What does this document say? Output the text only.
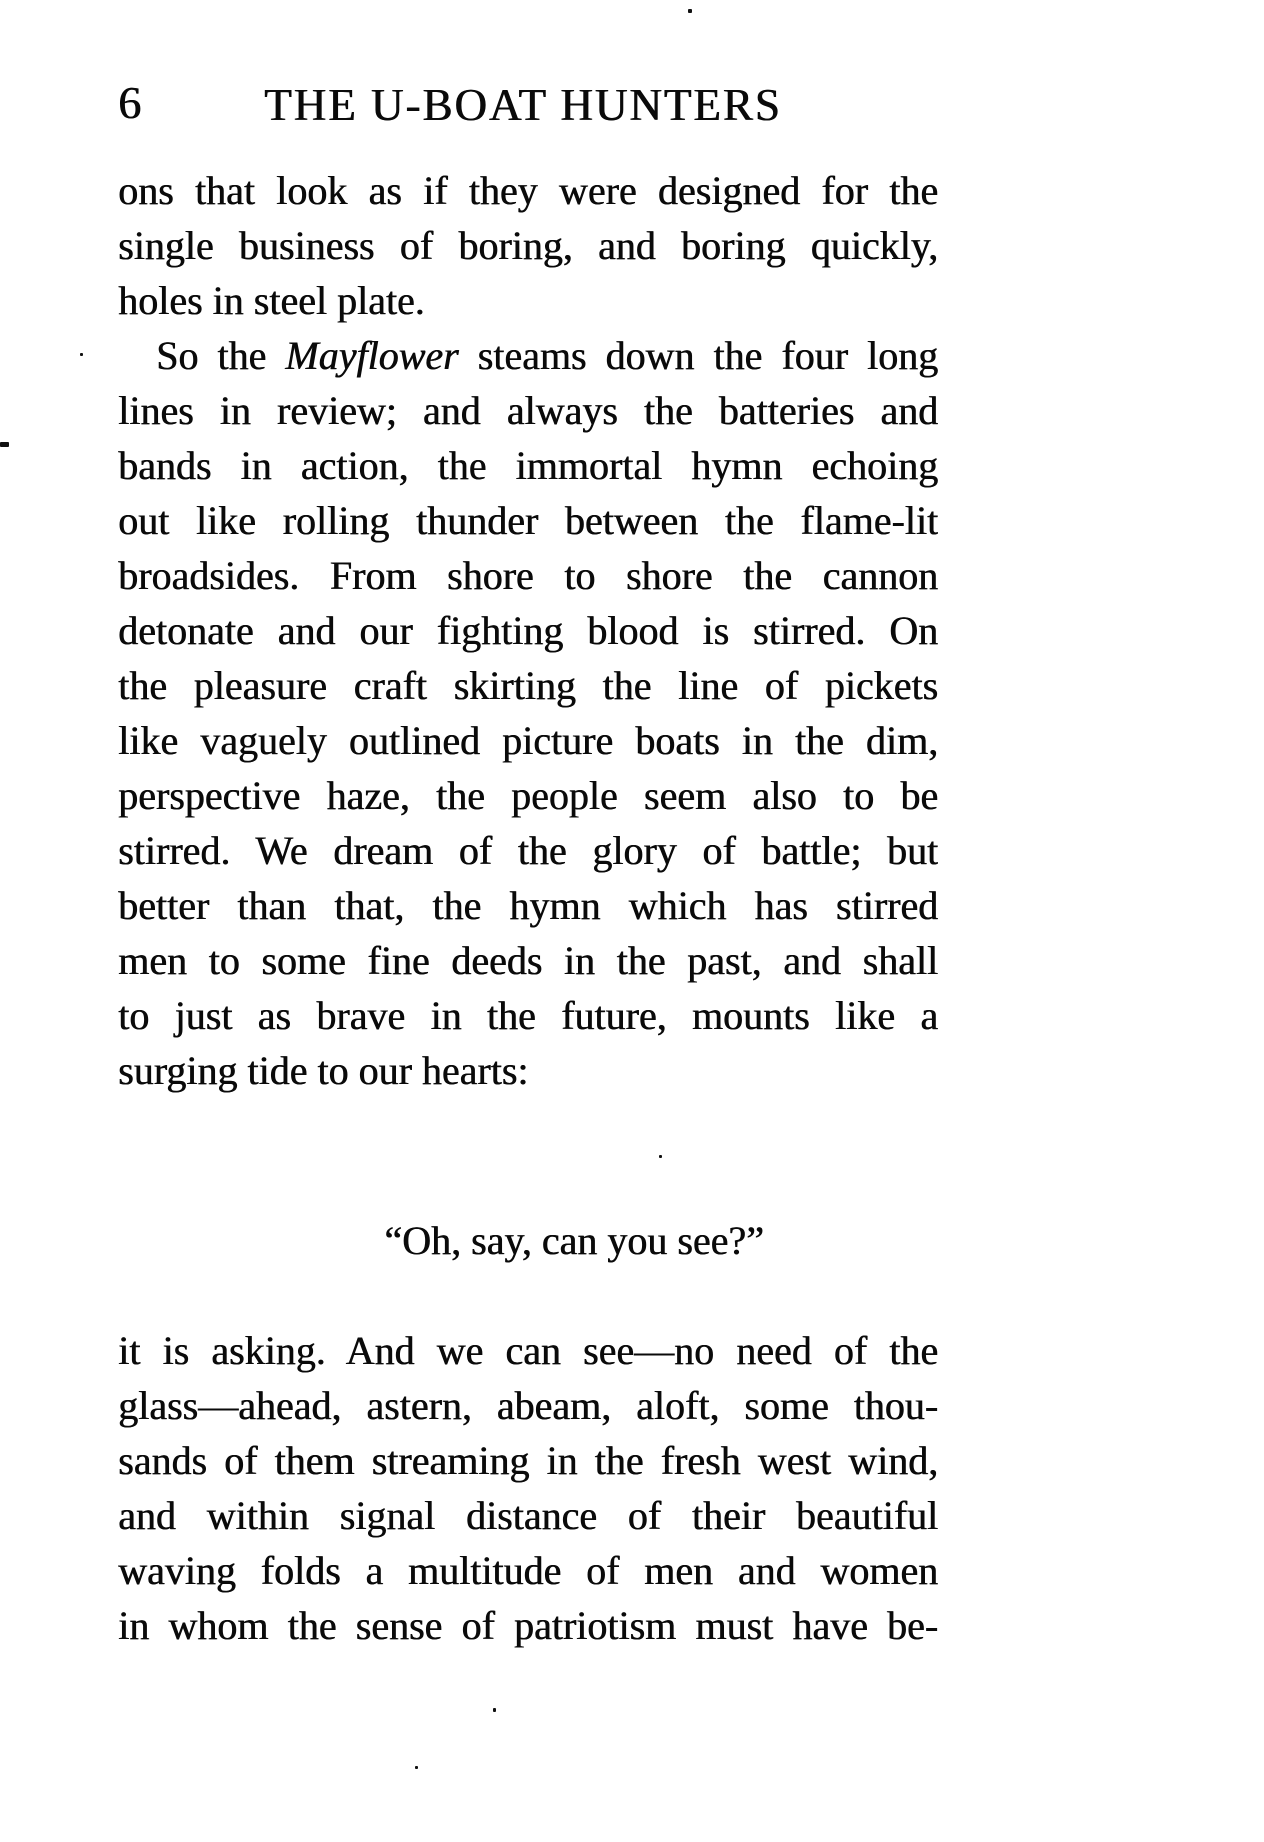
6	THE U-BOAT HUNTERS
ons that look as if they were designed for the
single business of boring, and boring quickly,
holes in steel plate.
So the Mayflower steams down the four long
lines in review; and always the batteries and
bands in action, the immortal hymn echoing
out like rolling thunder between the flame-lit
broadsides. From shore to shore the cannon
detonate and our fighting blood is stirred. On
the pleasure craft skirting the line of pickets
like vaguely outlined picture boats in the dim,
perspective haze, the people seem also to be
stirred. We dream of the glory of battle; but
better than that, the hymn which has stirred
men to some fine deeds in the past, and shall
to just as brave in the future, mounts like a
surging tide to our hearts:
“Oh, say, can you see?”
it is asking. And we can see—no need of the
glass—ahead, astern, abeam, aloft, some thou-
sands of them streaming in the fresh west wind,
and within signal distance of their beautiful
waving folds a multitude of men and women
in whom the sense of patriotism must have be-
